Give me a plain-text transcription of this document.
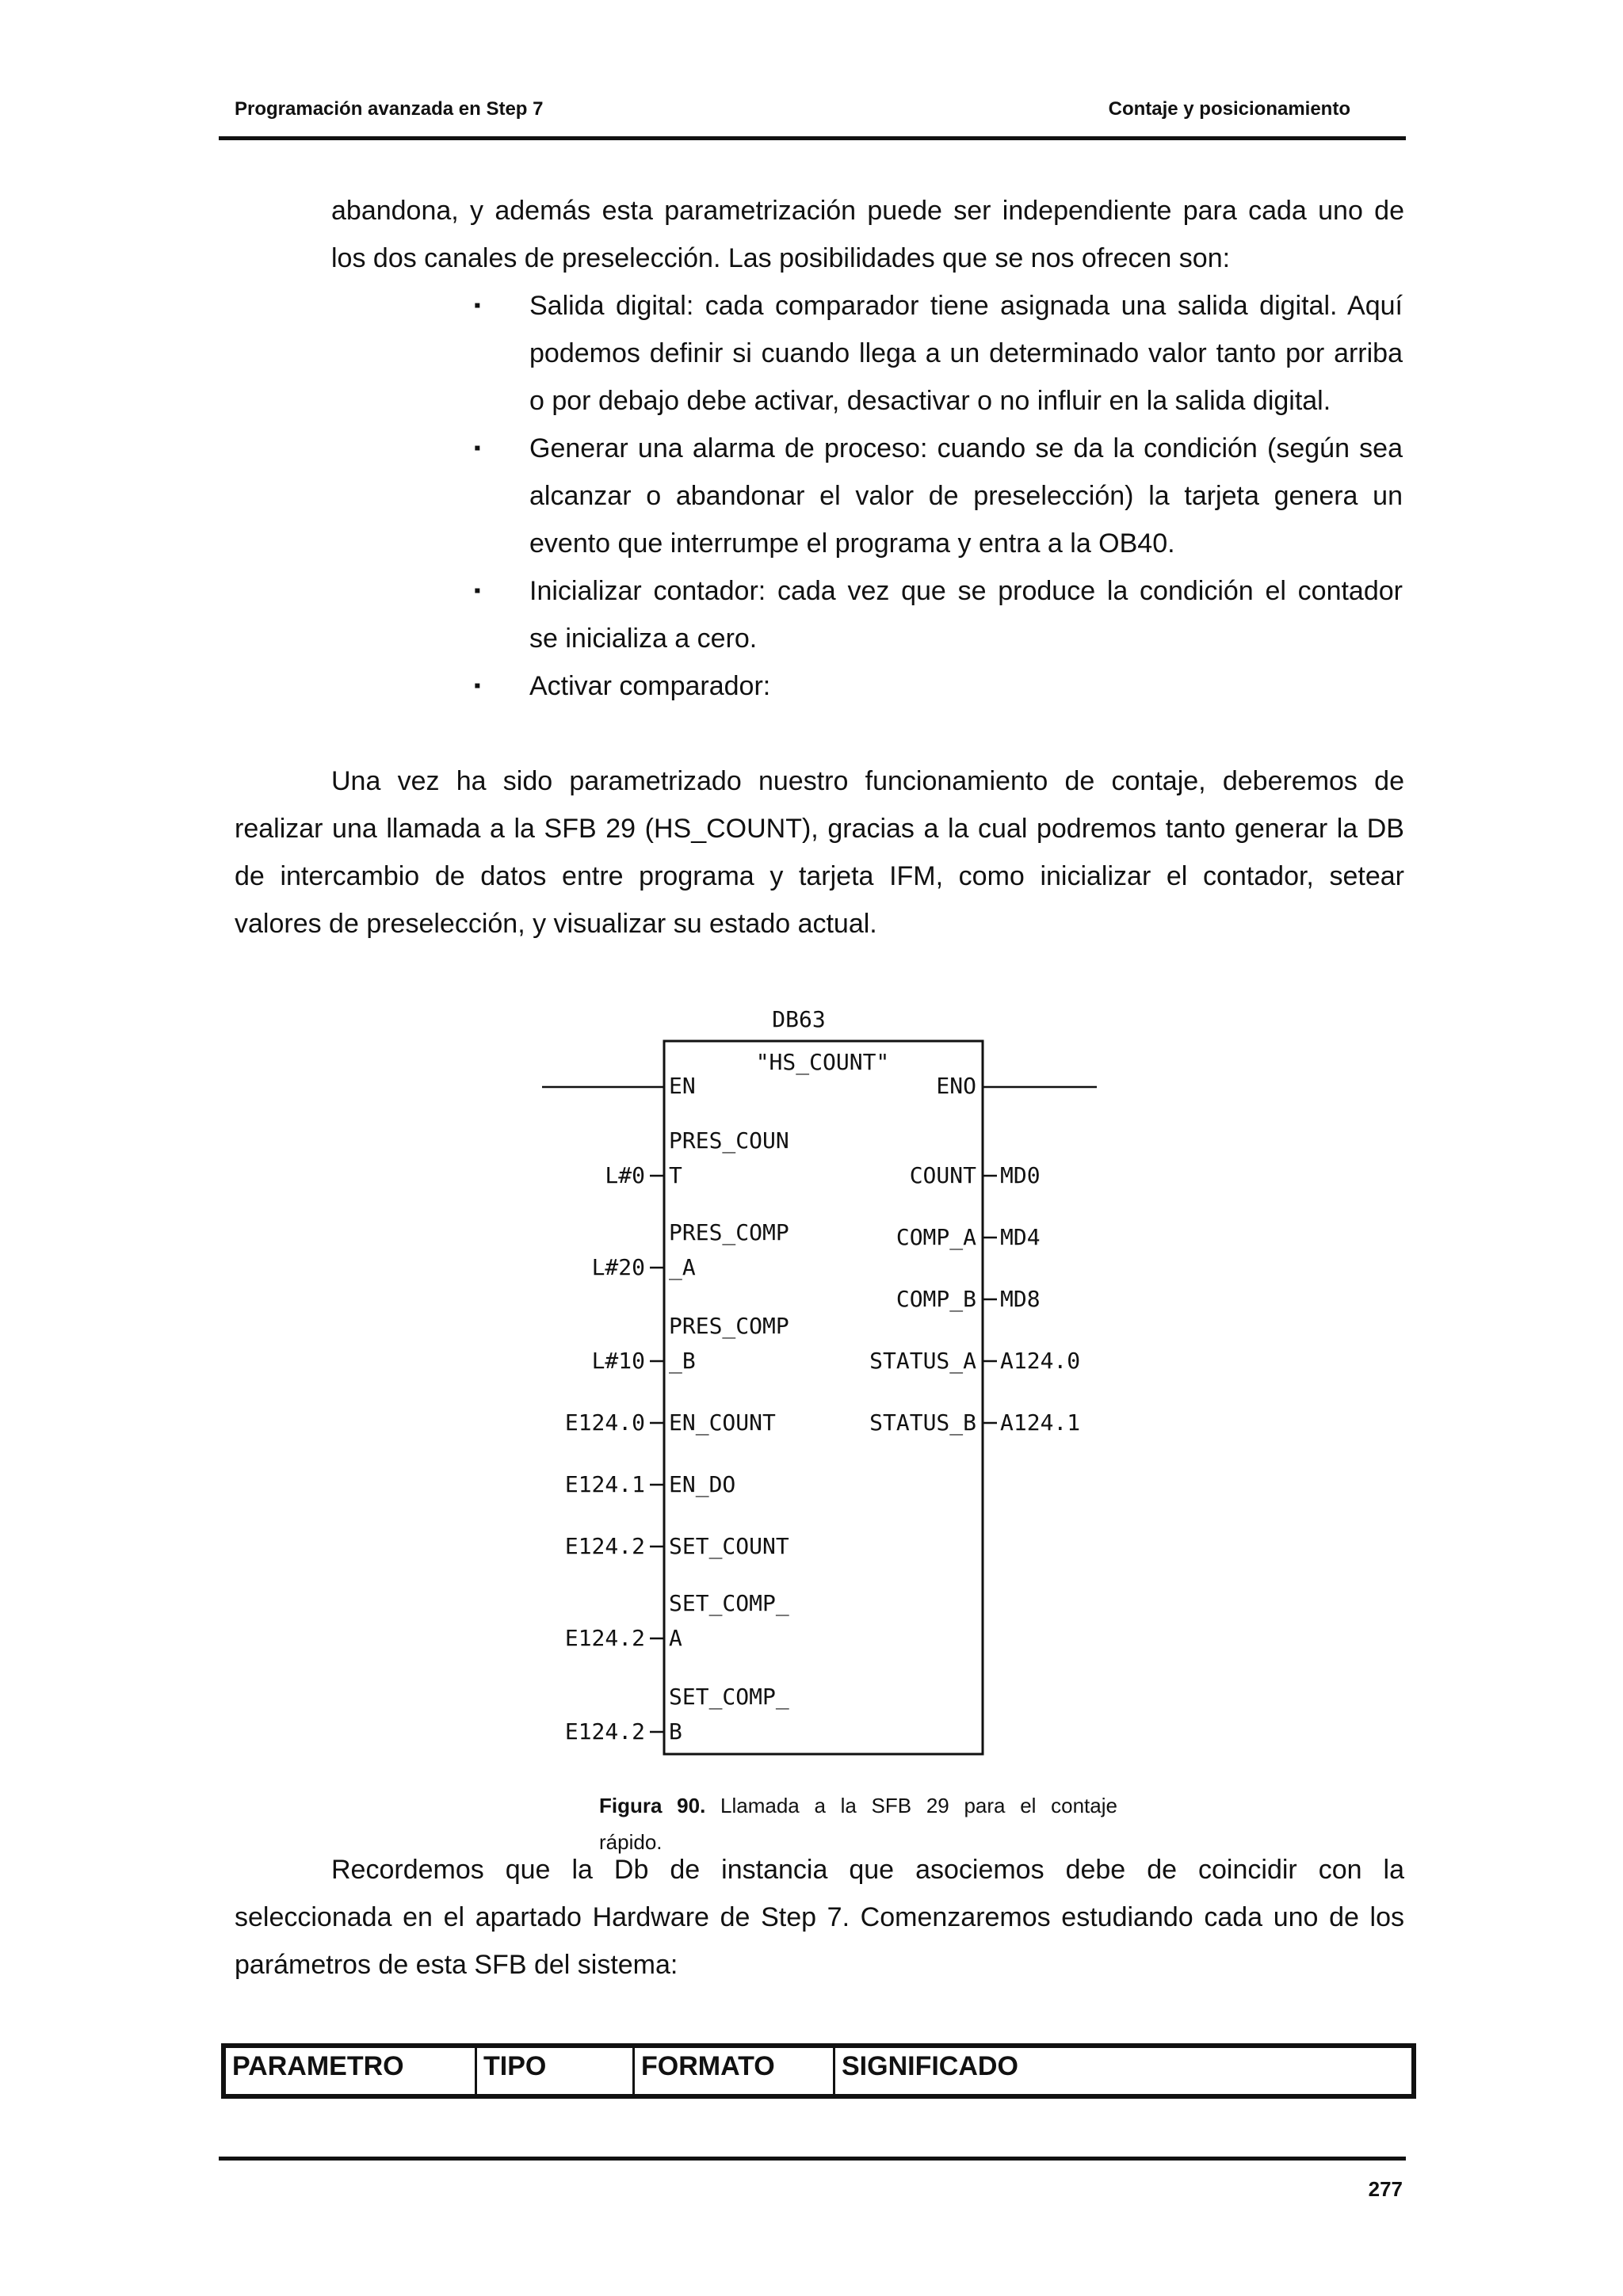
Programación avanzada en Step 7	Contaje y posicionamiento
abandona, y además esta parametrización puede ser independiente para cada uno de
los dos canales de preselección. Las posibilidades que se nos ofrecen son:
▪ Salida digital: cada comparador tiene asignada una salida digital. Aquí
podemos definir si cuando llega a un determinado valor tanto por arriba
o por debajo debe activar, desactivar o no influir en la salida digital.
▪ Generar una alarma de proceso: cuando se da la condición (según sea
alcanzar o abandonar el valor de preselección) la tarjeta genera un
evento que interrumpe el programa y entra a la OB40.
▪ Inicializar contador: cada vez que se produce la condición el contador
se inicializa a cero.
▪ Activar comparador:
Una vez ha sido parametrizado nuestro funcionamiento de contaje, deberemos de
realizar una llamada a la SFB 29 (HS_COUNT), gracias a la cual podremos tanto generar la DB
de intercambio de datos entre programa y tarjeta IFM, como inicializar el contador, setear
valores de preselección, y visualizar su estado actual.
DB63
"HS_COUNT"
EN	ENO
L#0
PRES_COUN
T
L#20
PRES_COMP
_A
L#10
PRES_COMP
_B
E124.0 EN_COUNT
E124.1 EN_DO
E124.2 SET_COUNT
E124.2
SET_COMP_
A
E124.2
SET_COMP_
B
COUNT MD0
COMP_A MD4
COMP_B MD8
STATUS_A A124.0
STATUS_B A124.1
Figura 90. Llamada a la SFB 29 para el contaje
rápido.
Recordemos que la Db de instancia que asociemos debe de coincidir con la
seleccionada en el apartado Hardware de Step 7. Comenzaremos estudiando cada uno de los
parámetros de esta SFB del sistema:
PARAMETRO	TIPO	FORMATO	SIGNIFICADO
277
